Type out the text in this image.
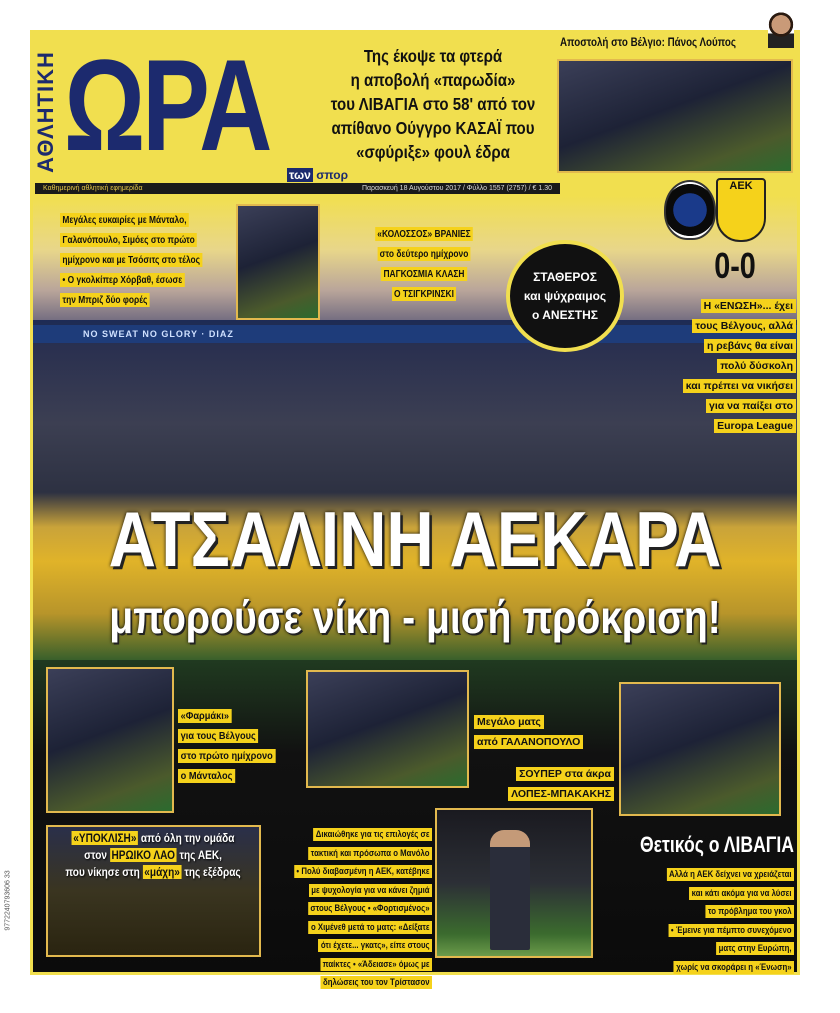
ΑΘΛΗΤΙΚΗ ΩΡΑ των σπορ
Της έκοψε τα φτερά
η αποβολή «παρωδία»
του ΛΙΒΑΓΙΑ στο 58' από τον
απίθανο Ούγγρο ΚΑΣΑΪ που
«σφύριξε» φουλ έδρα
Καθημερινή αθλητική εφημερίδα	Παρασκευή 18 Αυγούστου 2017 / Φύλλο 1557 (2757) / € 1.30
Αποστολή στο Βέλγιο: Πάνος Λούπος
NO SWEAT NO GLORY · DIAZ
ΑΕΚ
0-0
Μεγάλες ευκαιρίες με Μάνταλο,
Γαλανόπουλο, Σιμόες στο πρώτο
ημίχρονο και με Τσόσιτς στο τέλος
• Ο γκολκίπερ Χόρβαθ, έσωσε
την Μπριζ δύο φορές
«ΚΟΛΟΣΣΟΣ» ΒΡΑΝΙΕΣ
στο δεύτερο ημίχρονο
ΠΑΓΚΟΣΜΙΑ ΚΛΑΣΗ
Ο ΤΣΙΓΚΡΙΝΣΚΙ
ΣΤΑΘΕΡΟΣ
και ψύχραιμος
ο ΑΝΕΣΤΗΣ
Η «ΕΝΩΣΗ»... έχει
τους Βέλγους, αλλά
η ρεβάνς θα είναι
πολύ δύσκολη
και πρέπει να νικήσει
για να παίξει στο
Europa League
ΑΤΣΑΛΙΝΗ ΑΕΚΑΡΑ
μπορούσε νίκη - μισή πρόκριση!
«Φαρμάκι»
για τους Βέλγους
στο πρώτο ημίχρονο
ο Μάνταλος
Μεγάλο ματς
από ΓΑΛΑΝΟΠΟΥΛΟ
ΣΟΥΠΕΡ στα άκρα
ΛΟΠΕΣ-ΜΠΑΚΑΚΗΣ
«ΥΠΟΚΛΙΣΗ» από όλη την ομάδα
στον ΗΡΩΙΚΟ ΛΑΟ της ΑΕΚ,
που νίκησε στη «μάχη» της εξέδρας
Δικαιώθηκε για τις επιλογές σε
τακτική και πρόσωπα ο Μανόλο
• Πολύ διαβασμένη η ΑΕΚ, κατέβηκε
με ψυχολογία για να κάνει ζημιά
στους Βέλγους • «Φορτισμένος»
ο Χιμένεθ μετά το ματς: «Δείξατε
ότι έχετε... γκατς», είπε στους
παίκτες • «Άδειασε» όμως με
δηλώσεις του τον Τρίστασον
Θετικός ο ΛΙΒΑΓΙΑ
Αλλά η ΑΕΚ δείχνει να χρειάζεται
και κάτι ακόμα για να λύσει
το πρόβλημα του γκολ
• Έμεινε για πέμπτο συνεχόμενο
ματς στην Ευρώπη,
χωρίς να σκοράρει η «Ένωση»
9772240793606 33
